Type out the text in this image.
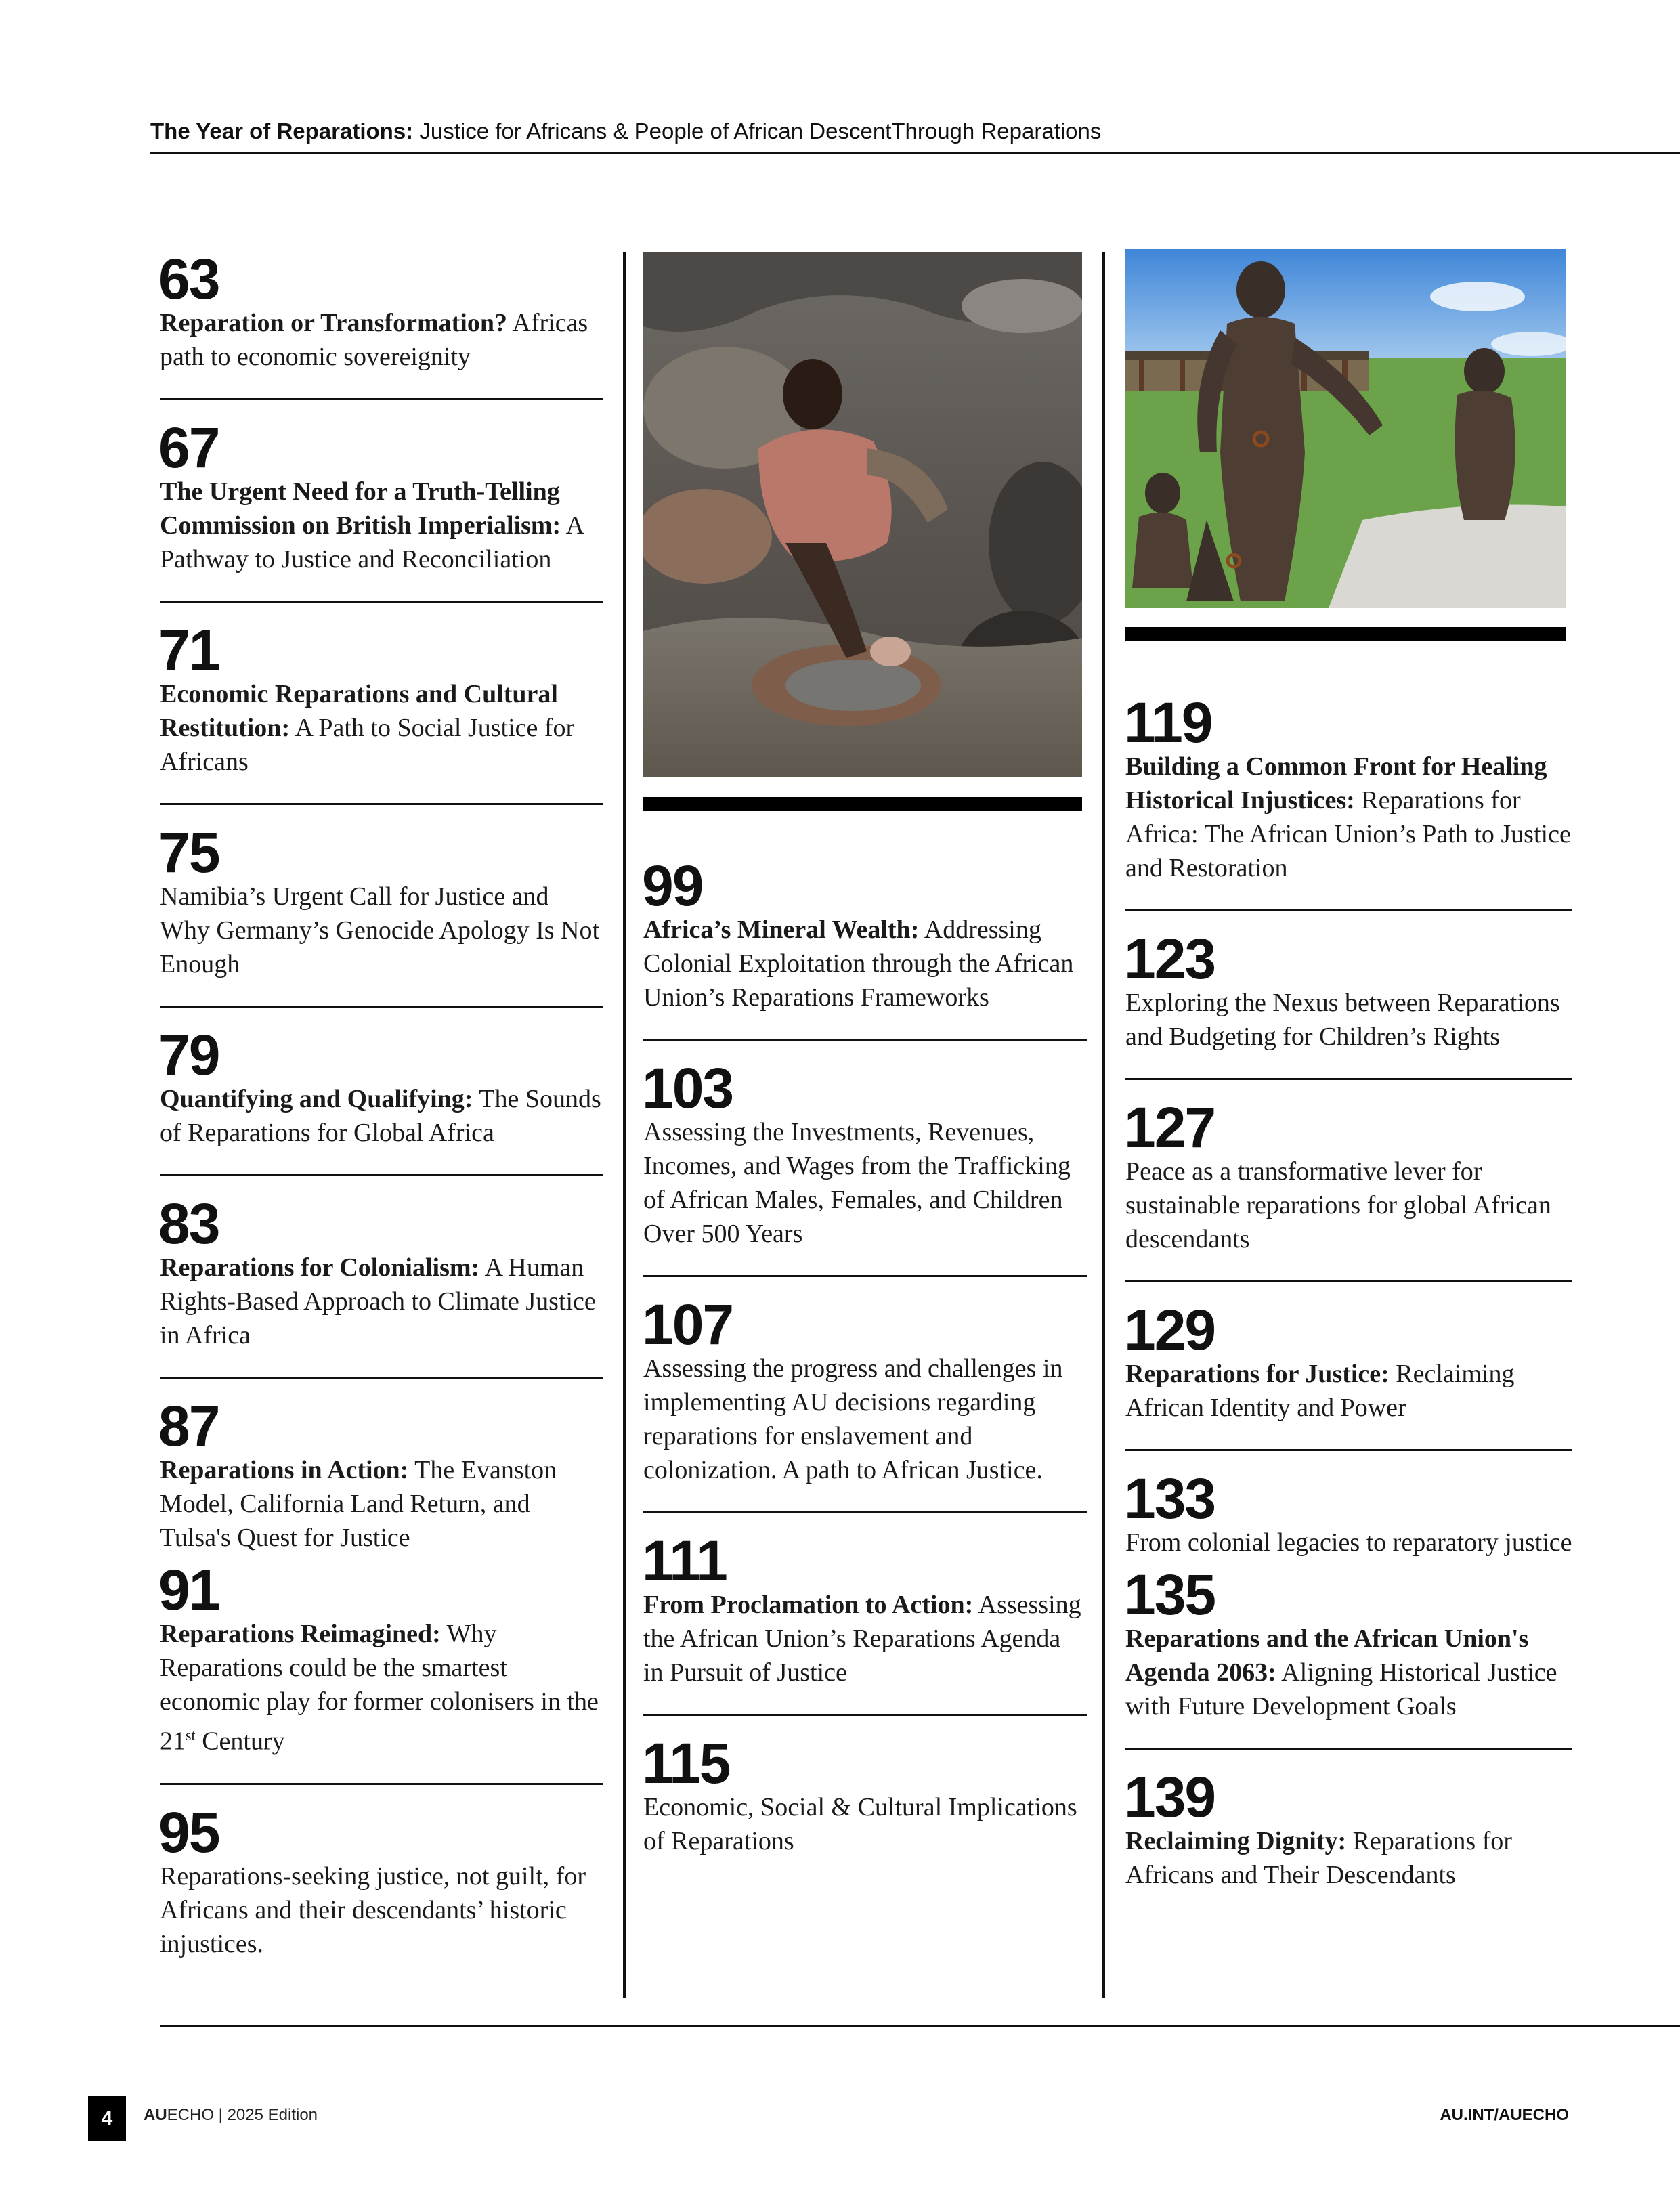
The Year of Reparations: Justice for Africans & People of African DescentThrough Reparations
63
Reparation or Transformation? Africas path to economic sovereignity
67
The Urgent Need for a Truth-Telling Commission on British Imperialism: A Pathway to Justice and Reconciliation
71
Economic Reparations and Cultural Restitution: A Path to Social Justice for Africans
75
Namibia’s Urgent Call for Justice and Why Germany’s Genocide Apology Is Not Enough
79
Quantifying and Qualifying: The Sounds of Reparations for Global Africa
83
Reparations for Colonialism: A Human Rights-Based Approach to Climate Justice in Africa
87
Reparations in Action: The Evanston Model, California Land Return, and Tulsa's Quest for Justice
91
Reparations Reimagined: Why Reparations could be the smartest economic play for former colonisers in the 21st Century
95
Reparations-seeking justice, not guilt, for Africans and their descendants’ historic injustices.
99
Africa’s Mineral Wealth: Addressing Colonial Exploitation through the African Union’s Reparations Frameworks
103
Assessing the Investments, Revenues, Incomes, and Wages from the Trafficking of African Males, Females, and Children Over 500 Years
107
Assessing the progress and challenges in implementing AU decisions regarding reparations for enslavement and colonization. A path to African Justice.
111
From Proclamation to Action: Assessing the African Union’s Reparations Agenda in Pursuit of Justice
115
Economic, Social & Cultural Implications of Reparations
119
Building a Common Front for Healing Historical Injustices: Reparations for Africa: The African Union’s Path to Justice and Restoration
123
Exploring the Nexus between Reparations and Budgeting for Children’s Rights
127
Peace as a transformative lever for sustainable reparations for global African descendants
129
Reparations for Justice: Reclaiming African Identity and Power
133
From colonial legacies to reparatory justice
135
Reparations and the African Union's Agenda 2063: Aligning Historical Justice with Future Development Goals
139
Reclaiming Dignity: Reparations for Africans and Their Descendants
4 AUECHO | 2025 Edition	AU.INT/AUECHO
